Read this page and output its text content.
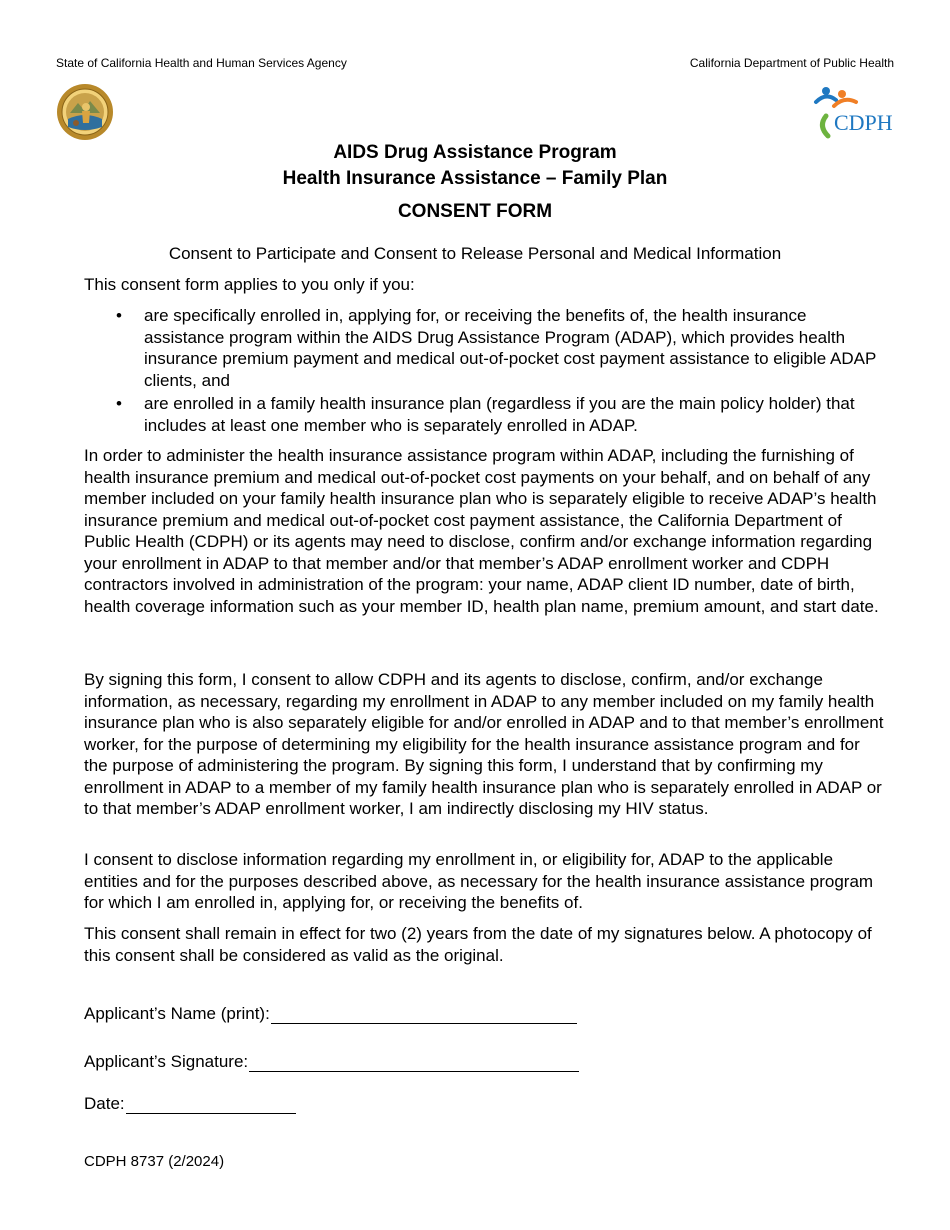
State of California Health and Human Services Agency	California Department of Public Health
CDPH
AIDS Drug Assistance Program
Health Insurance Assistance – Family Plan
CONSENT FORM
Consent to Participate and Consent to Release Personal and Medical Information
This consent form applies to you only if you:
• are specifically enrolled in, applying for, or receiving the benefits of, the health insurance assistance program within the AIDS Drug Assistance Program (ADAP), which provides health insurance premium payment and medical out-of-pocket cost payment assistance to eligible ADAP clients, and
• are enrolled in a family health insurance plan (regardless if you are the main policy holder) that includes at least one member who is separately enrolled in ADAP.
In order to administer the health insurance assistance program within ADAP, including the furnishing of health insurance premium and medical out-of-pocket cost payments on your behalf, and on behalf of any member included on your family health insurance plan who is separately eligible to receive ADAP’s health insurance premium and medical out-of-pocket cost payment assistance, the California Department of Public Health (CDPH) or its agents may need to disclose, confirm and/or exchange information regarding your enrollment in ADAP to that member and/or that member’s ADAP enrollment worker and CDPH contractors involved in administration of the program: your name, ADAP client ID number, date of birth, health coverage information such as your member ID, health plan name, premium amount, and start date.
By signing this form, I consent to allow CDPH and its agents to disclose, confirm, and/or exchange information, as necessary, regarding my enrollment in ADAP to any member included on my family health insurance plan who is also separately eligible for and/or enrolled in ADAP and to that member’s enrollment worker, for the purpose of determining my eligibility for the health insurance assistance program and for the purpose of administering the program. By signing this form, I understand that by confirming my enrollment in ADAP to a member of my family health insurance plan who is separately enrolled in ADAP or to that member’s ADAP enrollment worker, I am indirectly disclosing my HIV status.
I consent to disclose information regarding my enrollment in, or eligibility for, ADAP to the applicable entities and for the purposes described above, as necessary for the health insurance assistance program for which I am enrolled in, applying for, or receiving the benefits of.
This consent shall remain in effect for two (2) years from the date of my signatures below. A photocopy of this consent shall be considered as valid as the original.
Applicant’s Name (print):
Applicant’s Signature:
Date:
CDPH 8737 (2/2024)
